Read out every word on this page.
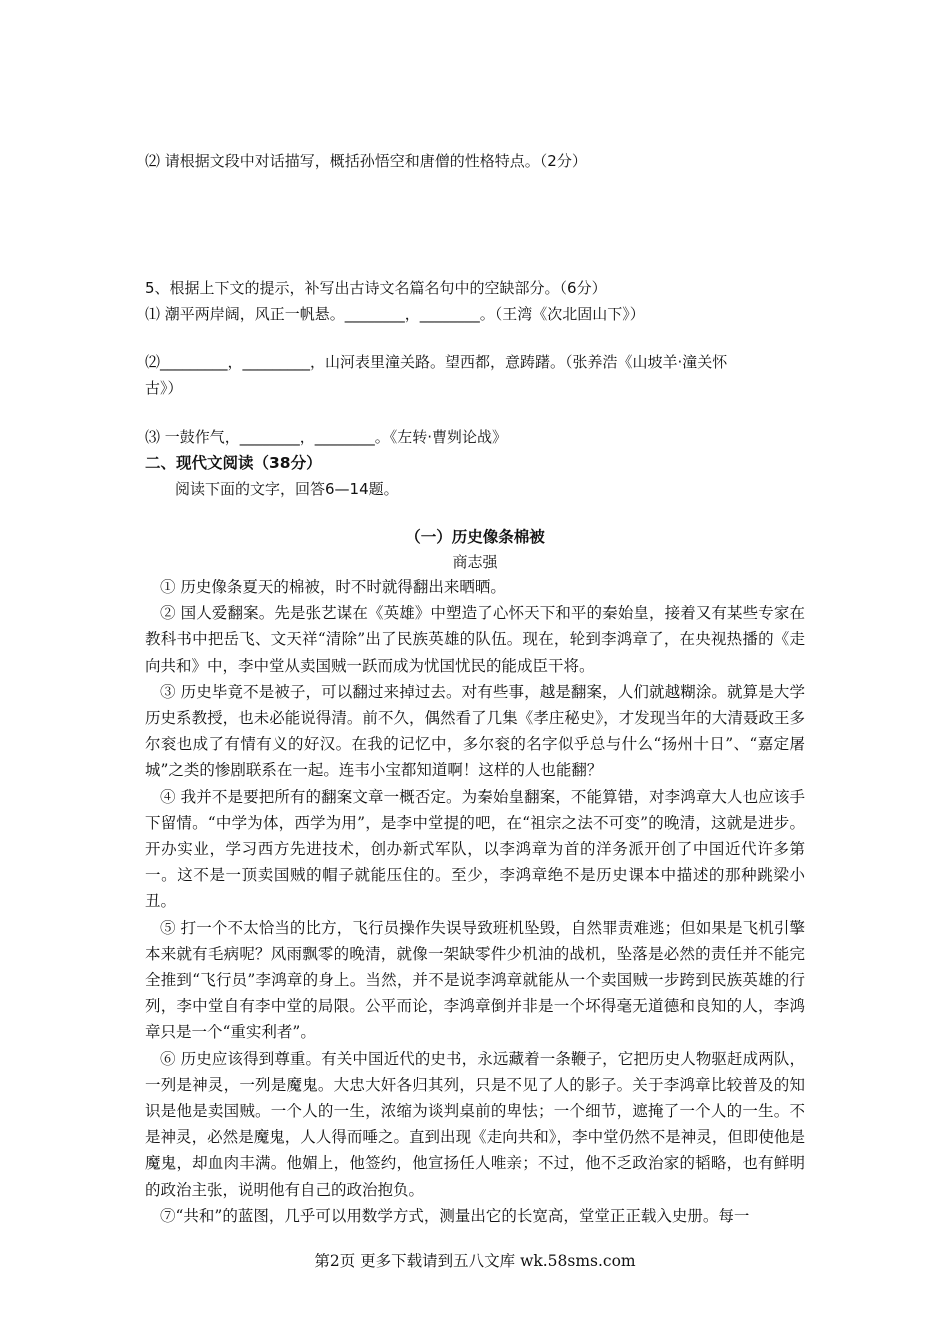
⑵ 请根据文段中对话描写，概括孙悟空和唐僧的性格特点。（2分）
5、根据上下文的提示，补写出古诗文名篇名句中的空缺部分。（6分）
⑴ 潮平两岸阔，风正一帆悬。________，________。（王湾《次北固山下》）
⑵_________，_________，山河表里潼关路。望西都，意踌躇。（张养浩《山坡羊·潼关怀
古》）
⑶ 一鼓作气，________，________。《左转·曹刿论战》
二、现代文阅读（38分）
阅读下面的文字，回答6—14题。
（一）历史像条棉被
商志强

① 历史像条夏天的棉被，时不时就得翻出来晒晒。

② 国人爱翻案。先是张艺谋在《英雄》中塑造了心怀天下和平的秦始皇，接着又有某些专家在教科书中把岳飞、文天祥“清除”出了民族英雄的队伍。现在，轮到李鸿章了，在央视热播的《走向共和》中，李中堂从卖国贼一跃而成为忧国忧民的能成臣干将。

③ 历史毕竟不是被子，可以翻过来掉过去。对有些事，越是翻案，人们就越糊涂。就算是大学历史系教授，也未必能说得清。前不久，偶然看了几集《孝庄秘史》，才发现当年的大清聂政王多尔衮也成了有情有义的好汉。在我的记忆中，多尔衮的名字似乎总与什么“扬州十日”、“嘉定屠城”之类的惨剧联系在一起。连韦小宝都知道啊！这样的人也能翻？

④ 我并不是要把所有的翻案文章一概否定。为秦始皇翻案，不能算错，对李鸿章大人也应该手下留情。“中学为体，西学为用”，是李中堂提的吧，在“祖宗之法不可变”的晚清，这就是进步。开办实业，学习西方先进技术，创办新式军队，以李鸿章为首的洋务派开创了中国近代许多第一。这不是一顶卖国贼的帽子就能压住的。至少，李鸿章绝不是历史课本中描述的那种跳梁小丑。

⑤ 打一个不太恰当的比方，飞行员操作失误导致班机坠毁，自然罪责难逃；但如果是飞机引擎本来就有毛病呢？风雨飘零的晚清，就像一架缺零件少机油的战机，坠落是必然的责任并不能完全推到“飞行员”李鸿章的身上。当然，并不是说李鸿章就能从一个卖国贼一步跨到民族英雄的行列，李中堂自有李中堂的局限。公平而论，李鸿章倒并非是一个坏得毫无道德和良知的人，李鸿章只是一个“重实利者”。

⑥ 历史应该得到尊重。有关中国近代的史书，永远藏着一条鞭子，它把历史人物驱赶成两队，一列是神灵，一列是魔鬼。大忠大奸各归其列，只是不见了人的影子。关于李鸿章比较普及的知识是他是卖国贼。一个人的一生，浓缩为谈判桌前的卑怯；一个细节，遮掩了一个人的一生。不是神灵，必然是魔鬼，人人得而唾之。直到出现《走向共和》，李中堂仍然不是神灵，但即使他是魔鬼，却血肉丰满。他媚上，他签约，他宣扬任人唯亲；不过，他不乏政治家的韬略，也有鲜明的政治主张，说明他有自己的政治抱负。

⑦“共和”的蓝图，几乎可以用数学方式，测量出它的长宽高，堂堂正正载入史册。每一

第2页 更多下载请到五八文库 wk.58sms.com
